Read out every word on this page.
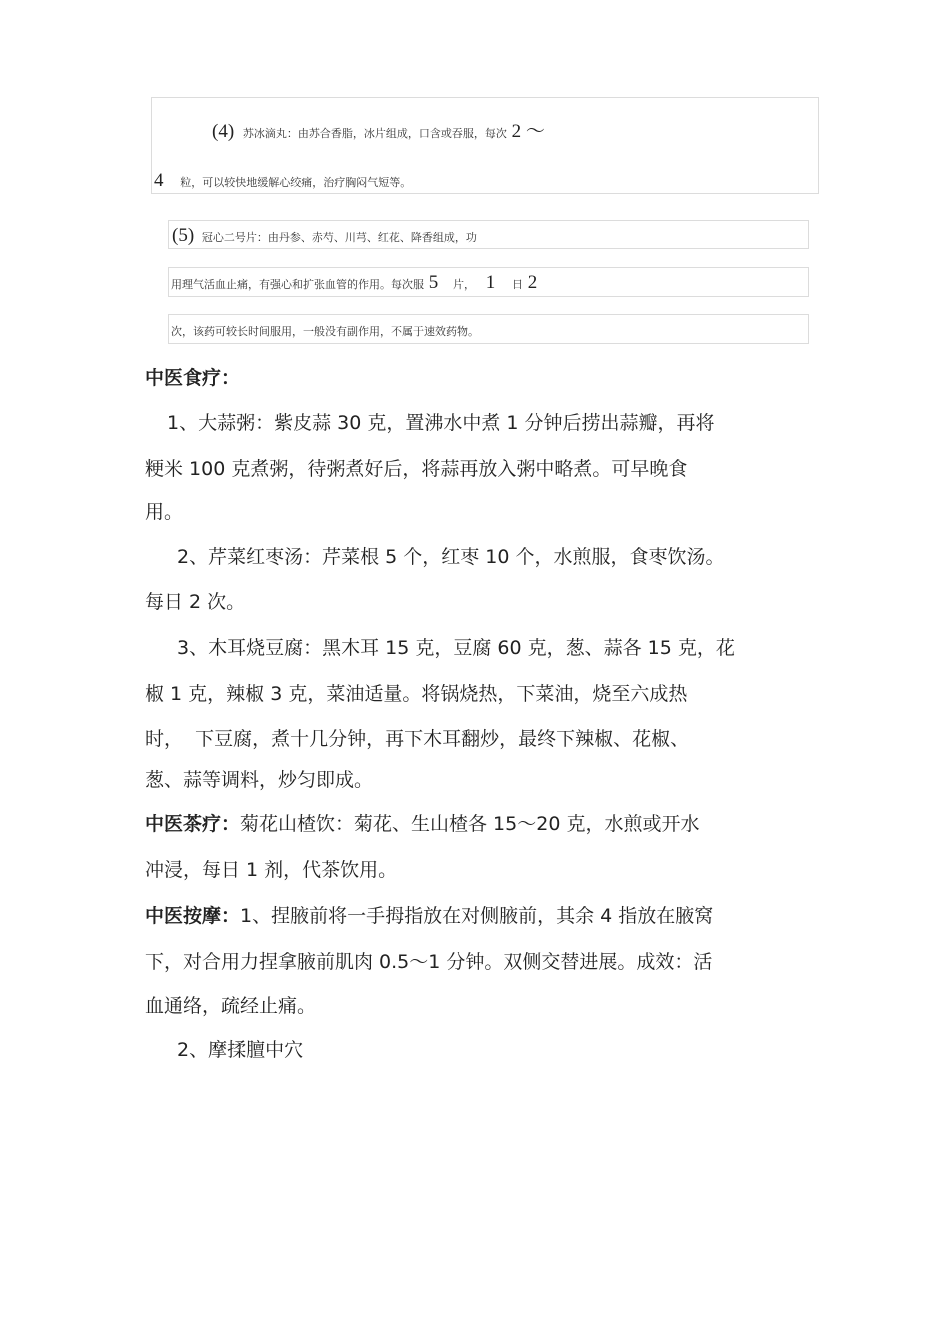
(4) 苏冰滴丸：由苏合香脂，冰片组成，口含或吞服，每次 2 ～
4 粒，可以较快地缓解心绞痛，治疗胸闷气短等。
(5) 冠心二号片：由丹参、赤芍、川芎、红花、降香组成，功
用理气活血止痛，有强心和扩张血管的作用。每次服 5 片， 1 日 2
次，该药可较长时间服用，一般没有副作用，不属于速效药物。
中医食疗：
1、大蒜粥：紫皮蒜 30 克，置沸水中煮 1 分钟后捞出蒜瓣，再将
粳米 100 克煮粥，待粥煮好后，将蒜再放入粥中略煮。可早晚食
用。
2、芹菜红枣汤：芹菜根 5 个，红枣 10 个，水煎服，食枣饮汤。
每日 2 次。
3、木耳烧豆腐：黑木耳 15 克，豆腐 60 克，葱、蒜各 15 克，花
椒 1 克，辣椒 3 克，菜油适量。将锅烧热，下菜油，烧至六成热
时，  下豆腐，煮十几分钟，再下木耳翻炒，最终下辣椒、花椒、
葱、蒜等调料，炒匀即成。
中医茶疗：菊花山楂饮：菊花、生山楂各 15～20 克，水煎或开水
冲浸，每日 1 剂，代茶饮用。
中医按摩：1、捏腋前将一手拇指放在对侧腋前，其余 4 指放在腋窝
下，对合用力捏拿腋前肌肉 0.5～1 分钟。双侧交替进展。成效：活
血通络，疏经止痛。
2、摩揉膻中穴
